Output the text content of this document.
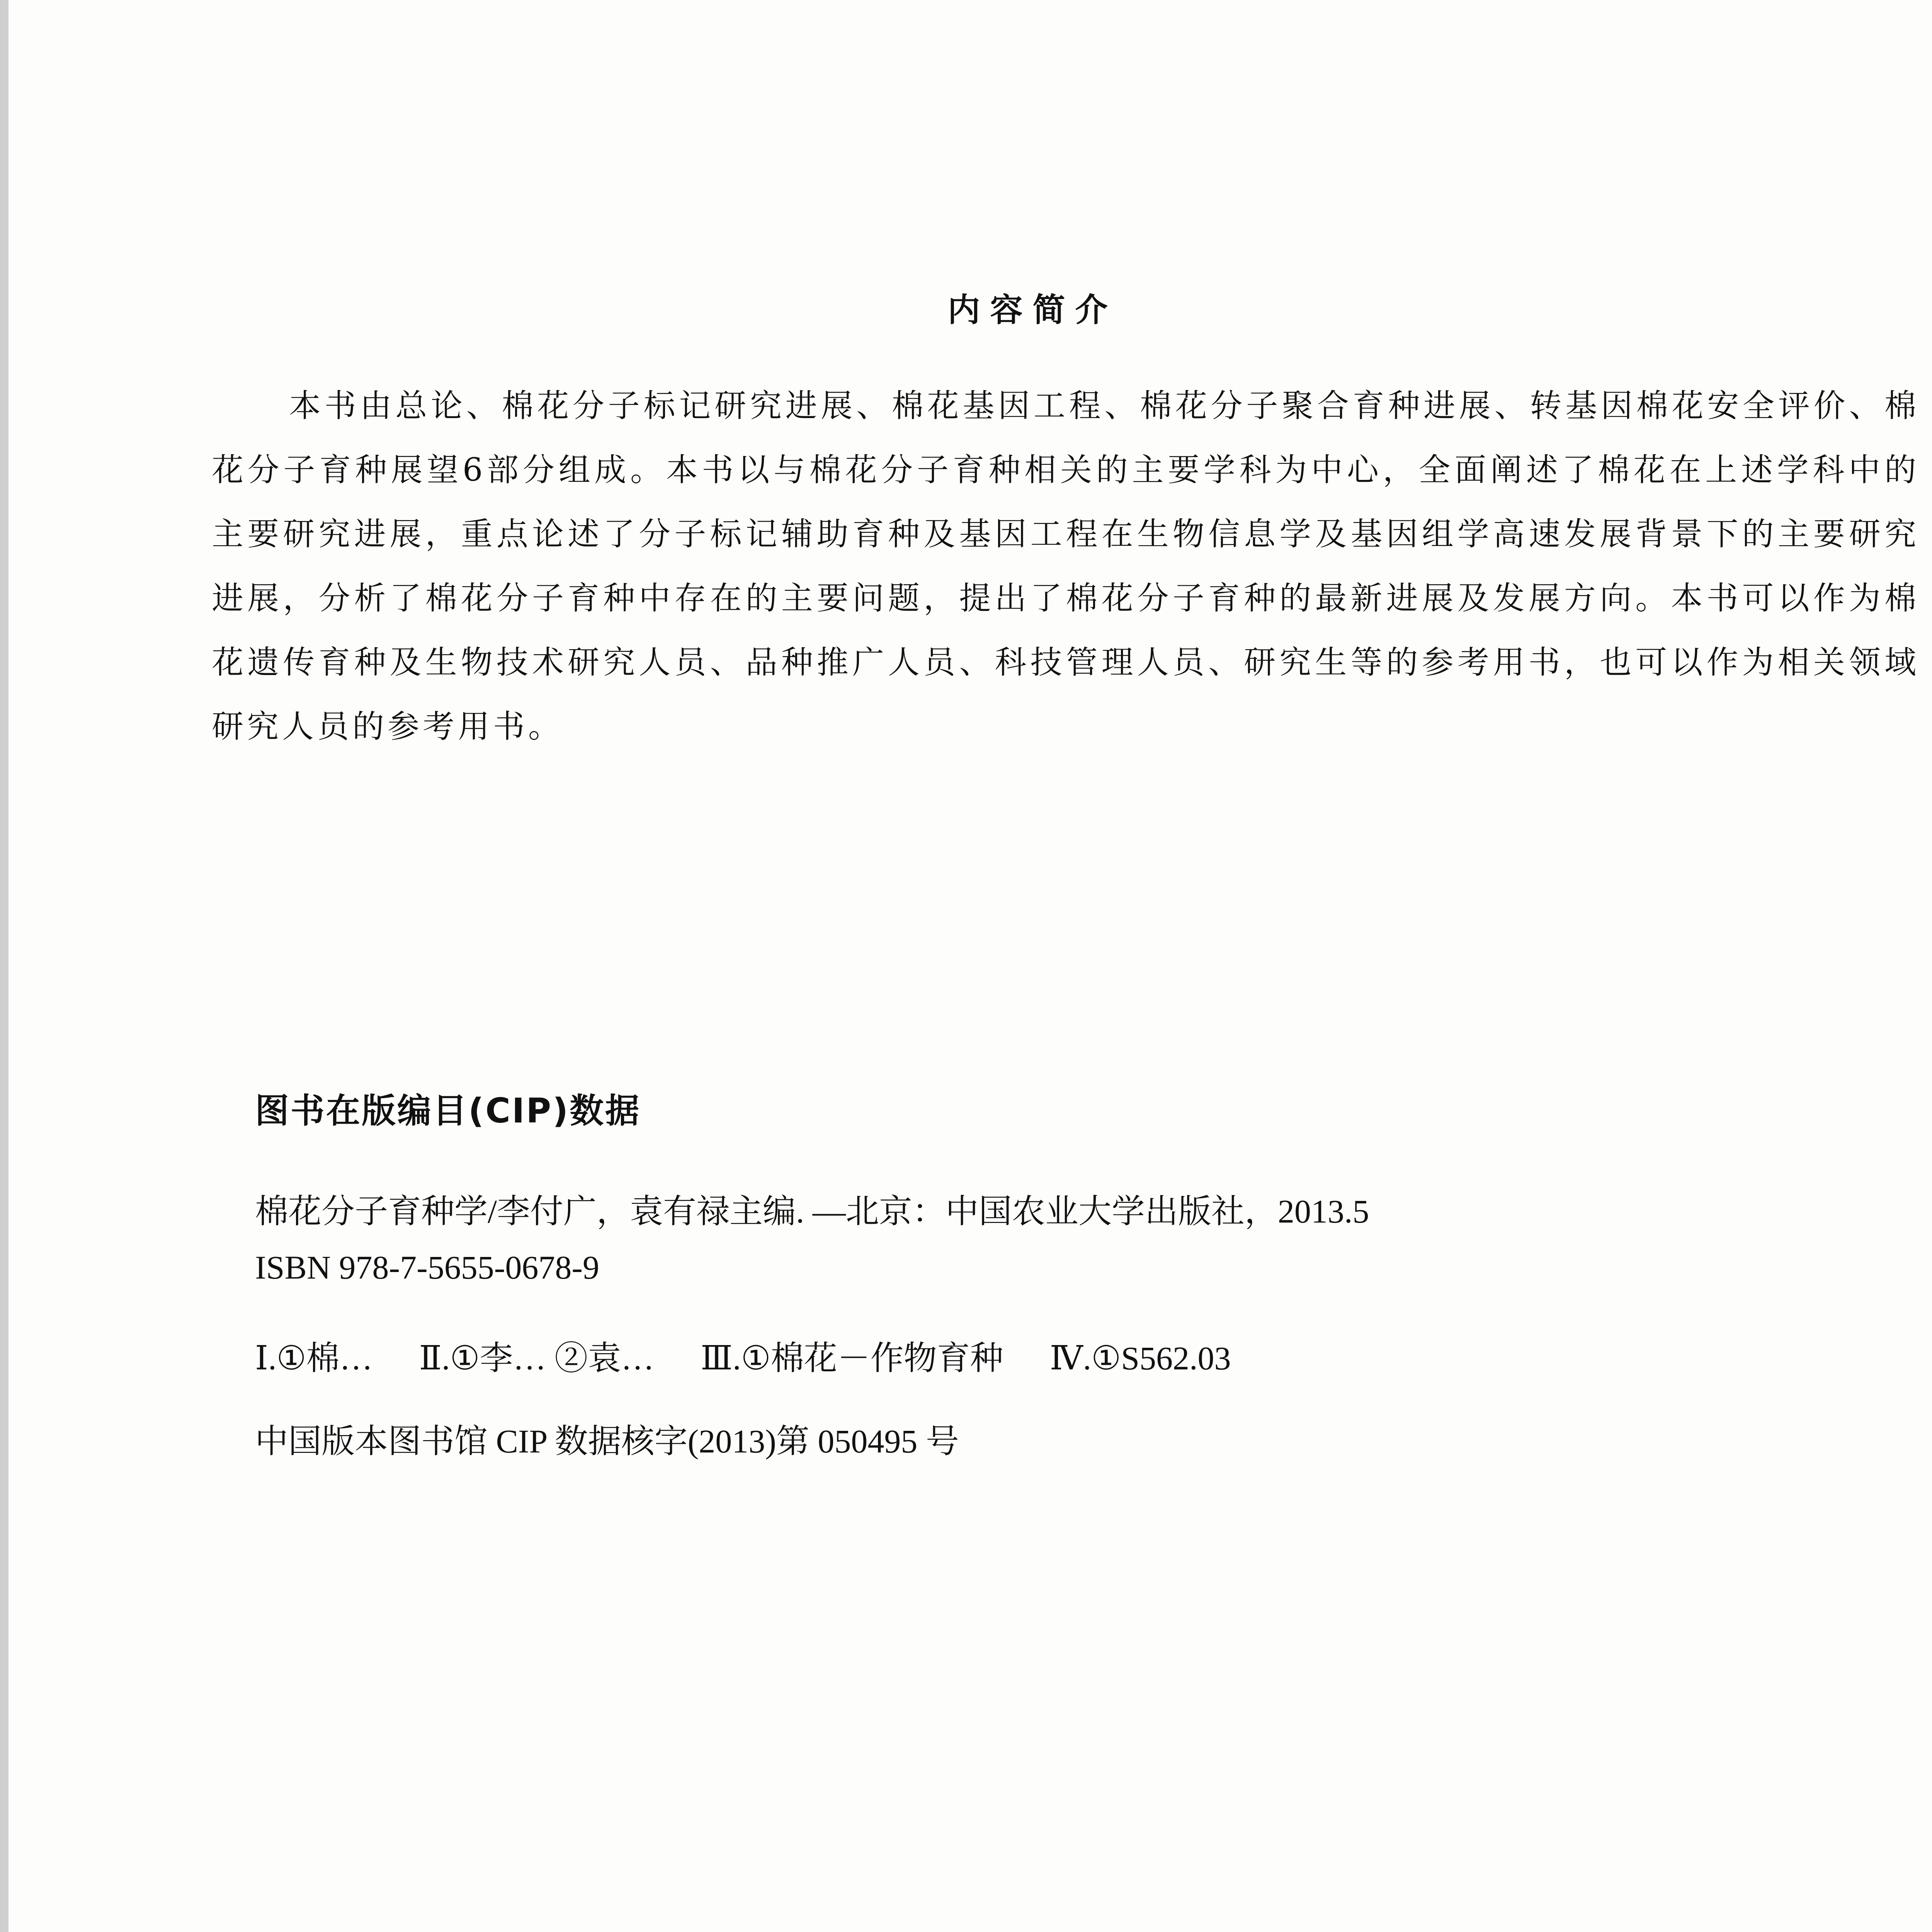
内容简介

本书由总论、棉花分子标记研究进展、棉花基因工程、棉花分子聚合育种进展、转基因棉花安全评价、棉花分子育种展望6部分组成。本书以与棉花分子育种相关的主要学科为中心，全面阐述了棉花在上述学科中的主要研究进展，重点论述了分子标记辅助育种及基因工程在生物信息学及基因组学高速发展背景下的主要研究进展，分析了棉花分子育种中存在的主要问题，提出了棉花分子育种的最新进展及发展方向。本书可以作为棉花遗传育种及生物技术研究人员、品种推广人员、科技管理人员、研究生等的参考用书，也可以作为相关领域研究人员的参考用书。

图书在版编目(CIP)数据
棉花分子育种学/李付广，袁有禄主编. —北京：中国农业大学出版社，2013.5
ISBN 978-7-5655-0678-9
Ⅰ.①棉… Ⅱ.①李… ②袁… Ⅲ.①棉花－作物育种 Ⅳ.①S562.03
中国版本图书馆 CIP 数据核字(2013)第 050495 号
